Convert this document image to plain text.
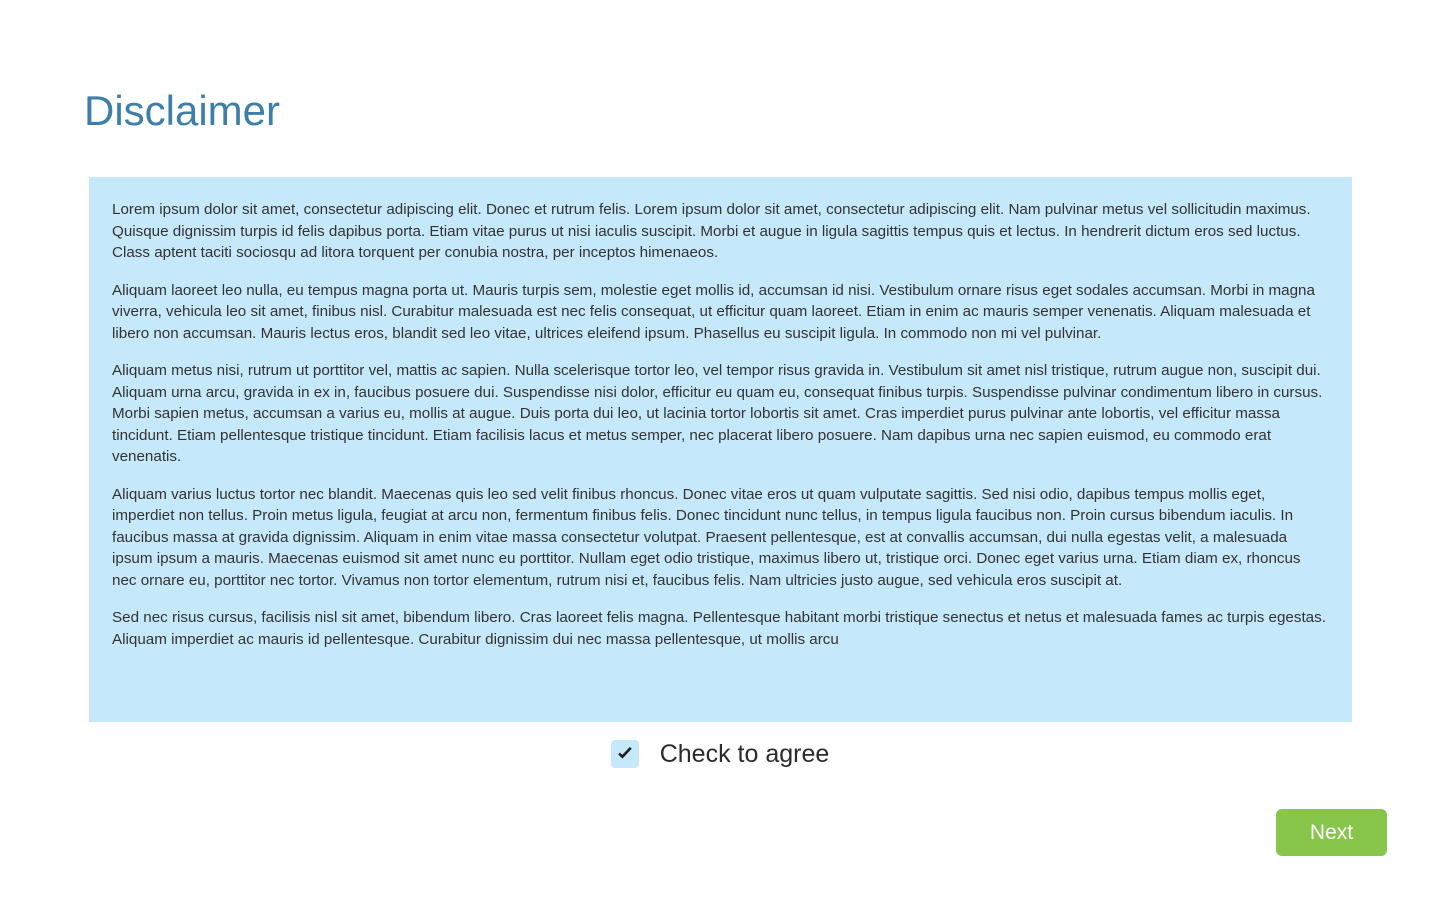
Disclaimer

Lorem ipsum dolor sit amet, consectetur adipiscing elit. Donec et rutrum felis. Lorem ipsum dolor sit amet, consectetur adipiscing elit. Nam pulvinar metus vel sollicitudin maximus. Quisque dignissim turpis id felis dapibus porta. Etiam vitae purus ut nisi iaculis suscipit. Morbi et augue in ligula sagittis tempus quis et lectus. In hendrerit dictum eros sed luctus. Class aptent taciti sociosqu ad litora torquent per conubia nostra, per inceptos himenaeos.

Aliquam laoreet leo nulla, eu tempus magna porta ut. Mauris turpis sem, molestie eget mollis id, accumsan id nisi. Vestibulum ornare risus eget sodales accumsan. Morbi in magna viverra, vehicula leo sit amet, finibus nisl. Curabitur malesuada est nec felis consequat, ut efficitur quam laoreet. Etiam in enim ac mauris semper venenatis. Aliquam malesuada et libero non accumsan. Mauris lectus eros, blandit sed leo vitae, ultrices eleifend ipsum. Phasellus eu suscipit ligula. In commodo non mi vel pulvinar.

Aliquam metus nisi, rutrum ut porttitor vel, mattis ac sapien. Nulla scelerisque tortor leo, vel tempor risus gravida in. Vestibulum sit amet nisl tristique, rutrum augue non, suscipit dui. Aliquam urna arcu, gravida in ex in, faucibus posuere dui. Suspendisse nisi dolor, efficitur eu quam eu, consequat finibus turpis. Suspendisse pulvinar condimentum libero in cursus. Morbi sapien metus, accumsan a varius eu, mollis at augue. Duis porta dui leo, ut lacinia tortor lobortis sit amet. Cras imperdiet purus pulvinar ante lobortis, vel efficitur massa tincidunt. Etiam pellentesque tristique tincidunt. Etiam facilisis lacus et metus semper, nec placerat libero posuere. Nam dapibus urna nec sapien euismod, eu commodo erat venenatis.

Aliquam varius luctus tortor nec blandit. Maecenas quis leo sed velit finibus rhoncus. Donec vitae eros ut quam vulputate sagittis. Sed nisi odio, dapibus tempus mollis eget, imperdiet non tellus. Proin metus ligula, feugiat at arcu non, fermentum finibus felis. Donec tincidunt nunc tellus, in tempus ligula faucibus non. Proin cursus bibendum iaculis. In faucibus massa at gravida dignissim. Aliquam in enim vitae massa consectetur volutpat. Praesent pellentesque, est at convallis accumsan, dui nulla egestas velit, a malesuada ipsum ipsum a mauris. Maecenas euismod sit amet nunc eu porttitor. Nullam eget odio tristique, maximus libero ut, tristique orci. Donec eget varius urna. Etiam diam ex, rhoncus nec ornare eu, porttitor nec tortor. Vivamus non tortor elementum, rutrum nisi et, faucibus felis. Nam ultricies justo augue, sed vehicula eros suscipit at.

Sed nec risus cursus, facilisis nisl sit amet, bibendum libero. Cras laoreet felis magna. Pellentesque habitant morbi tristique senectus et netus et malesuada fames ac turpis egestas. Aliquam imperdiet ac mauris id pellentesque. Curabitur dignissim dui nec massa pellentesque, ut mollis arcu

Check to agree
Next
